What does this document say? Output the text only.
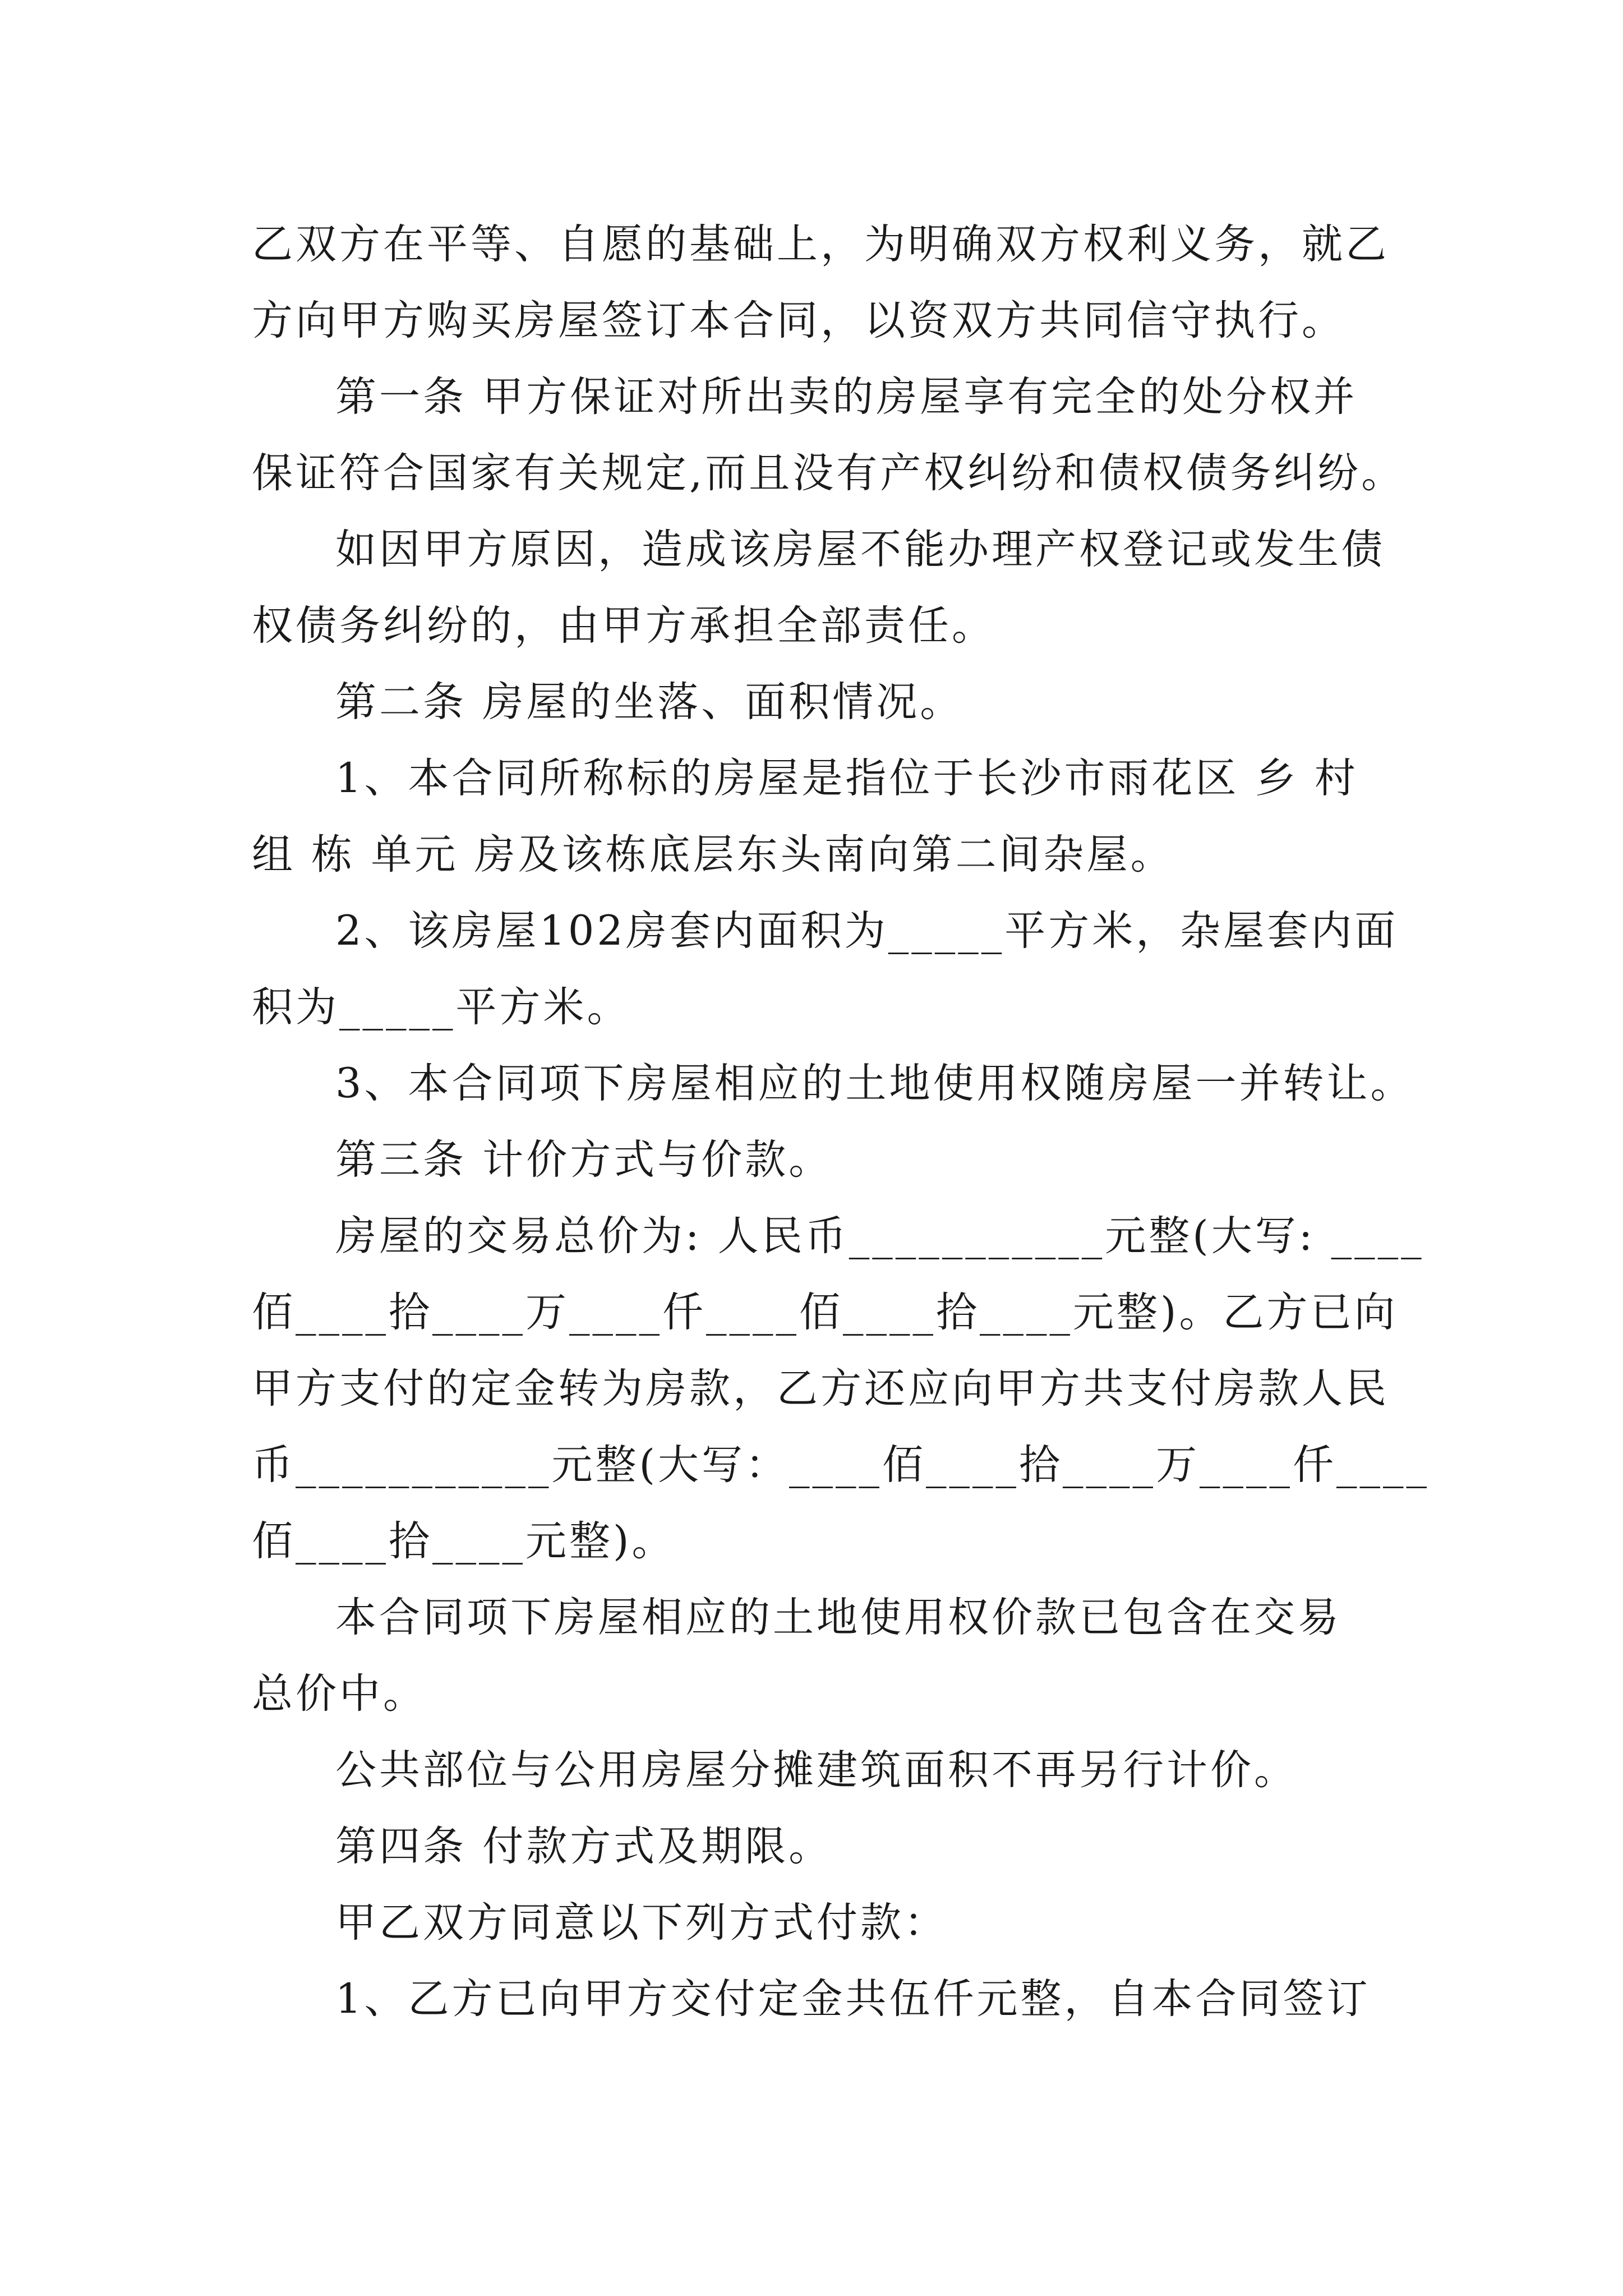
乙双方在平等、自愿的基础上，为明确双方权利义务，就乙

方向甲方购买房屋签订本合同，以资双方共同信守执行。

第一条 甲方保证对所出卖的房屋享有完全的处分权并

保证符合国家有关规定,而且没有产权纠纷和债权债务纠纷。

如因甲方原因，造成该房屋不能办理产权登记或发生债

权债务纠纷的，由甲方承担全部责任。

第二条 房屋的坐落、面积情况。

1、本合同所称标的房屋是指位于长沙市雨花区 乡 村

组 栋 单元 房及该栋底层东头南向第二间杂屋。

2、该房屋102房套内面积为_____平方米，杂屋套内面

积为_____平方米。

3、本合同项下房屋相应的土地使用权随房屋一并转让。

第三条 计价方式与价款。

房屋的交易总价为: 人民币___________元整(大写: ____

佰____拾____万____仟____佰____拾____元整)。乙方已向

甲方支付的定金转为房款，乙方还应向甲方共支付房款人民

币___________元整(大写：____佰____拾____万____仟____

佰____拾____元整)。

本合同项下房屋相应的土地使用权价款已包含在交易

总价中。

公共部位与公用房屋分摊建筑面积不再另行计价。

第四条 付款方式及期限。

甲乙双方同意以下列方式付款：

1、乙方已向甲方交付定金共伍仟元整，自本合同签订
